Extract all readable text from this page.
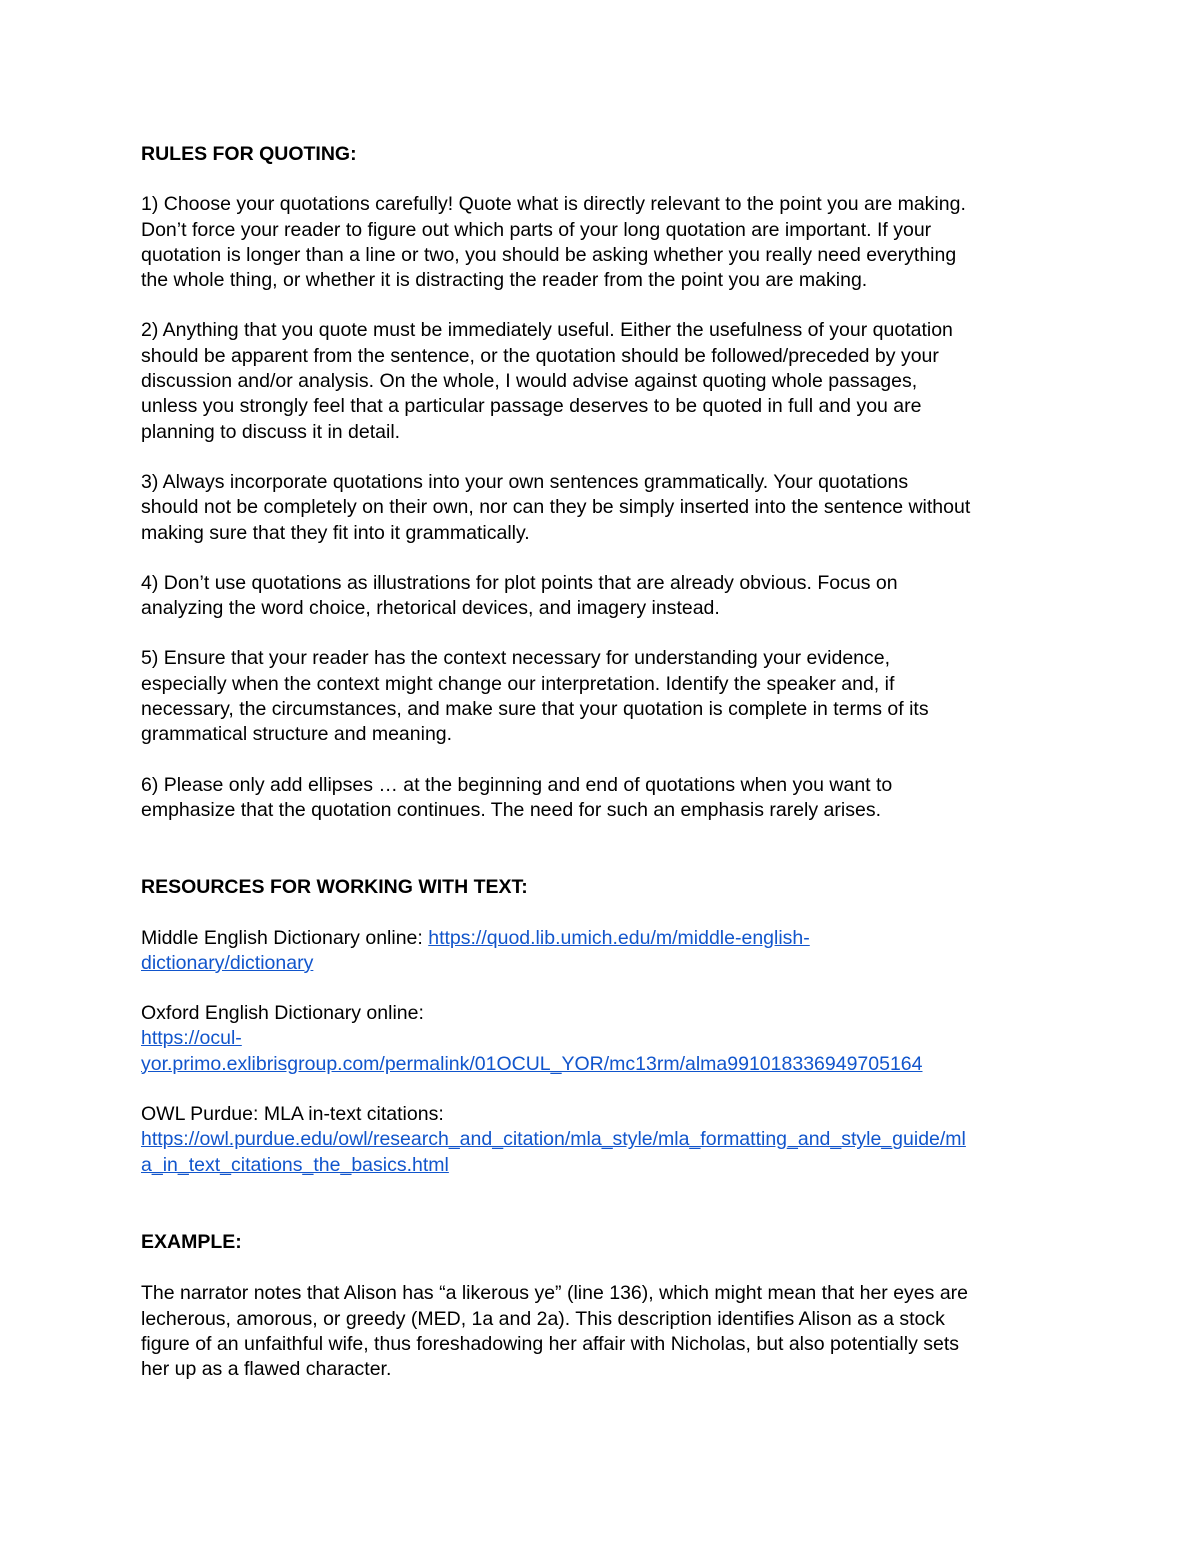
RULES FOR QUOTING:

1) Choose your quotations carefully! Quote what is directly relevant to the point you are making.
Don’t force your reader to figure out which parts of your long quotation are important. If your
quotation is longer than a line or two, you should be asking whether you really need everything
the whole thing, or whether it is distracting the reader from the point you are making.

2) Anything that you quote must be immediately useful. Either the usefulness of your quotation
should be apparent from the sentence, or the quotation should be followed/preceded by your
discussion and/or analysis. On the whole, I would advise against quoting whole passages,
unless you strongly feel that a particular passage deserves to be quoted in full and you are
planning to discuss it in detail.

3) Always incorporate quotations into your own sentences grammatically. Your quotations
should not be completely on their own, nor can they be simply inserted into the sentence without
making sure that they fit into it grammatically.

4) Don’t use quotations as illustrations for plot points that are already obvious. Focus on
analyzing the word choice, rhetorical devices, and imagery instead.

5) Ensure that your reader has the context necessary for understanding your evidence,
especially when the context might change our interpretation. Identify the speaker and, if
necessary, the circumstances, and make sure that your quotation is complete in terms of its
grammatical structure and meaning.

6) Please only add ellipses … at the beginning and end of quotations when you want to
emphasize that the quotation continues. The need for such an emphasis rarely arises.

RESOURCES FOR WORKING WITH TEXT:

Middle English Dictionary online: https://quod.lib.umich.edu/m/middle-english-
dictionary/dictionary

Oxford English Dictionary online:
https://ocul-
yor.primo.exlibrisgroup.com/permalink/01OCUL_YOR/mc13rm/alma991018336949705164

OWL Purdue: MLA in-text citations:
https://owl.purdue.edu/owl/research_and_citation/mla_style/mla_formatting_and_style_guide/ml
a_in_text_citations_the_basics.html

EXAMPLE:

The narrator notes that Alison has “a likerous ye” (line 136), which might mean that her eyes are
lecherous, amorous, or greedy (MED, 1a and 2a). This description identifies Alison as a stock
figure of an unfaithful wife, thus foreshadowing her affair with Nicholas, but also potentially sets
her up as a flawed character.
